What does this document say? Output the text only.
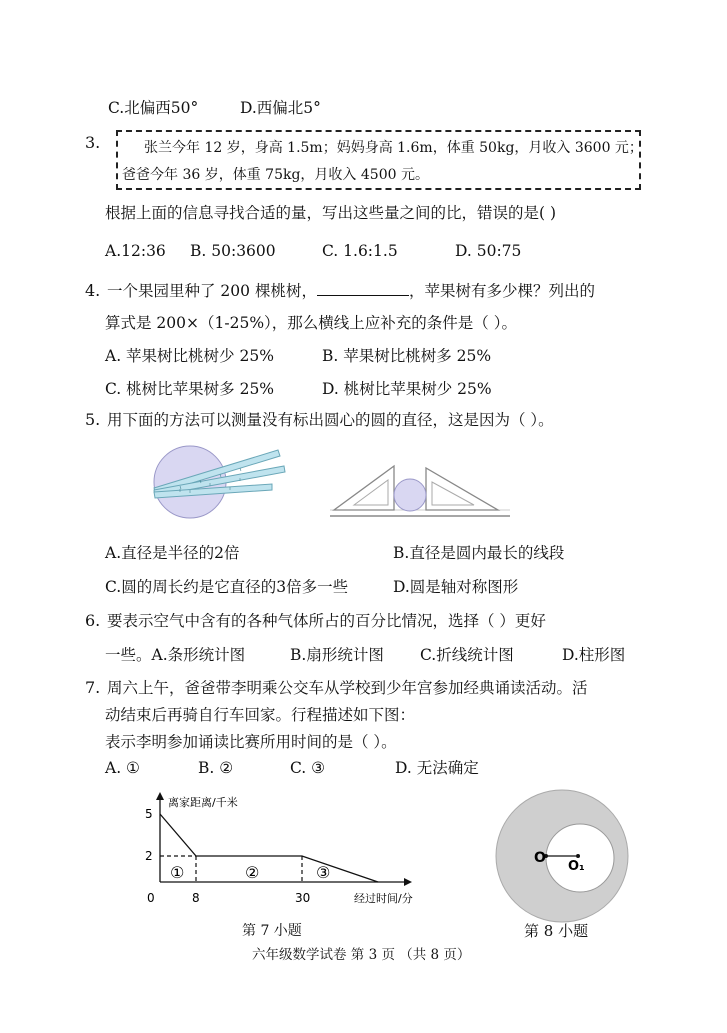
C.北偏西50°	D.西偏北5°
3.	张兰今年 12 岁，身高 1.5m；妈妈身高 1.6m，体重 50kg，月收入 3600 元；
爸爸今年 36 岁，体重 75kg，月收入 4500 元。
根据上面的信息寻找合适的量，写出这些量之间的比，错误的是( )
A.12:36 B. 50:3600	C. 1.6:1.5	D. 50:75
4. 一个果园里种了 200 棵桃树，	，苹果树有多少棵？列出的
算式是 200×（1-25%），那么横线上应补充的条件是（ ）。
A. 苹果树比桃树少 25%	B. 苹果树比桃树多 25%
C. 桃树比苹果树多 25%	D. 桃树比苹果树少 25%
5. 用下面的方法可以测量没有标出圆心的圆的直径，这是因为（ ）。
A.直径是半径的2倍	B.直径是圆内最长的线段
C.圆的周长约是它直径的3倍多一些	D.圆是轴对称图形
6. 要表示空气中含有的各种气体所占的百分比情况，选择（ ）更好
一些。A.条形统计图	B.扇形统计图 C.折线统计图	D.柱形图
7. 周六上午，爸爸带李明乘公交车从学校到少年宫参加经典诵读活动。活
动结束后再骑自行车回家。行程描述如下图：
表示李明参加诵读比赛所用时间的是（ ）。
A. ①	B. ②	C. ③	D. 无法确定
离家距离/千米
5
2
0	8	30	经过时间/分
①	②	③
第 7 小题
O
O₁
第 8 小题
六年级数学试卷 第 3 页 （共 8 页）
